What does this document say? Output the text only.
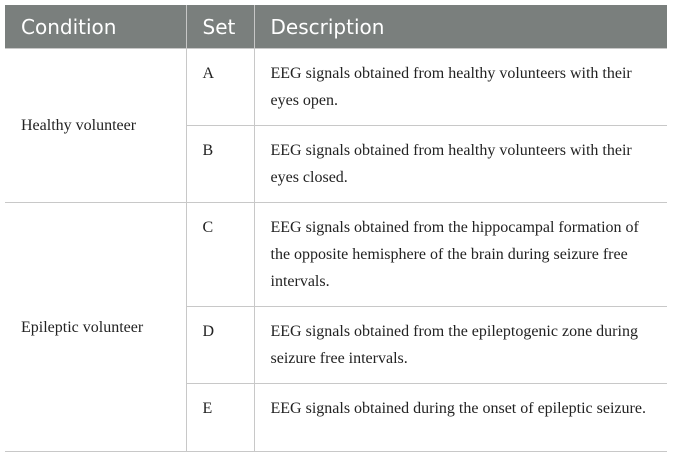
Condition	Set	Description
Healthy volunteer	A	EEG signals obtained from healthy volunteers with their eyes open.
	B	EEG signals obtained from healthy volunteers with their eyes closed.
Epileptic volunteer	C	EEG signals obtained from the hippocampal formation of the opposite hemisphere of the brain during seizure free intervals.
	D	EEG signals obtained from the epileptogenic zone during seizure free intervals.
	E	EEG signals obtained during the onset of epileptic seizure.
